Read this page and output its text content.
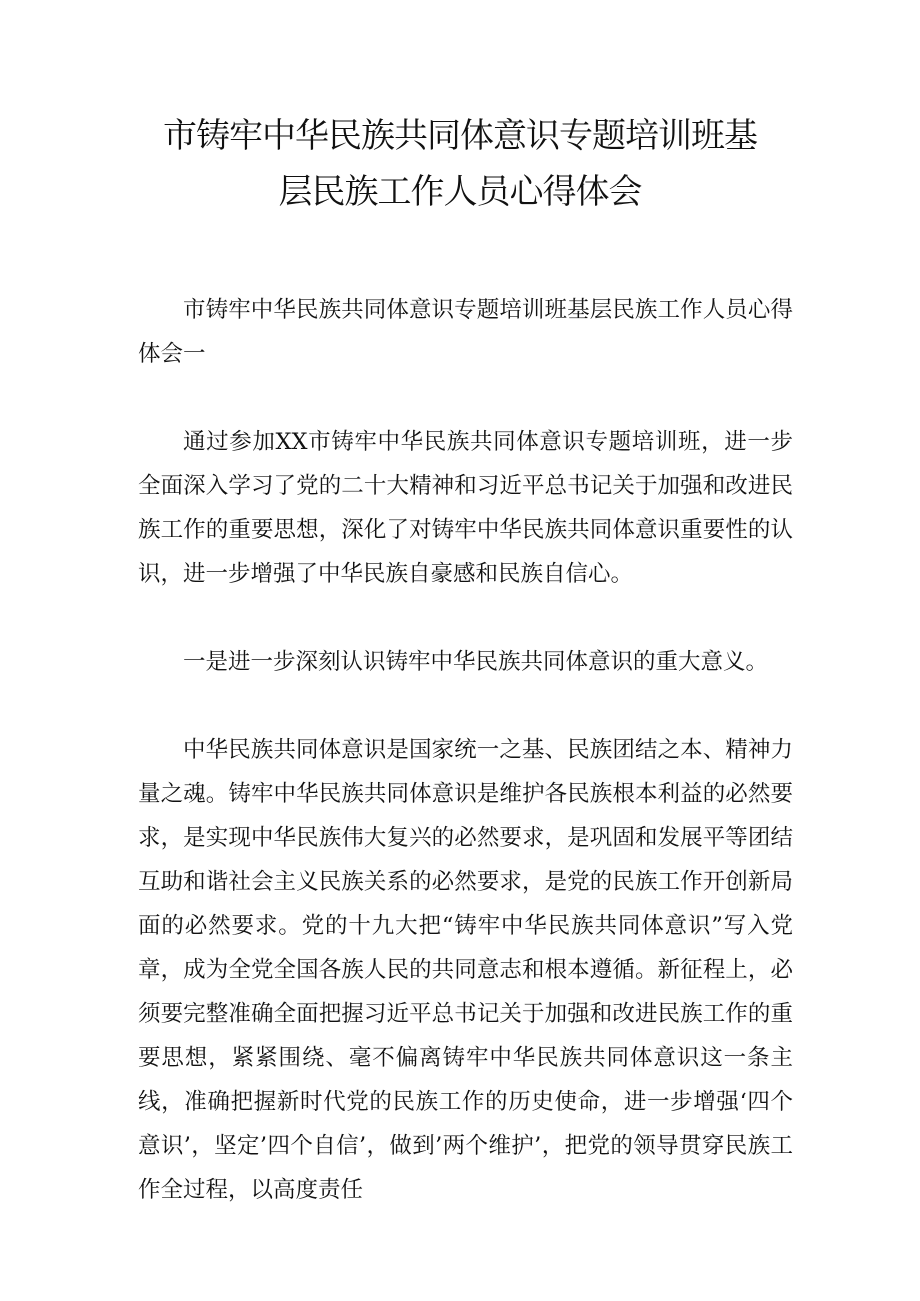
市铸牢中华民族共同体意识专题培训班基
层民族工作人员心得体会

市铸牢中华民族共同体意识专题培训班基层民族工作人员心得体会一

通过参加XX市铸牢中华民族共同体意识专题培训班，进一步全面深入学习了党的二十大精神和习近平总书记关于加强和改进民族工作的重要思想，深化了对铸牢中华民族共同体意识重要性的认识，进一步增强了中华民族自豪感和民族自信心。

一是进一步深刻认识铸牢中华民族共同体意识的重大意义。

中华民族共同体意识是国家统一之基、民族团结之本、精神力量之魂。铸牢中华民族共同体意识是维护各民族根本利益的必然要求，是实现中华民族伟大复兴的必然要求，是巩固和发展平等团结互助和谐社会主义民族关系的必然要求，是党的民族工作开创新局面的必然要求。党的十九大把“铸牢中华民族共同体意识”写入党章，成为全党全国各族人民的共同意志和根本遵循。新征程上，必须要完整准确全面把握习近平总书记关于加强和改进民族工作的重要思想，紧紧围绕、毫不偏离铸牢中华民族共同体意识这一条主线，准确把握新时代党的民族工作的历史使命，进一步增强‘四个意识’，坚定’四个自信’，做到’两个维护’，把党的领导贯穿民族工作全过程，以高度责任
